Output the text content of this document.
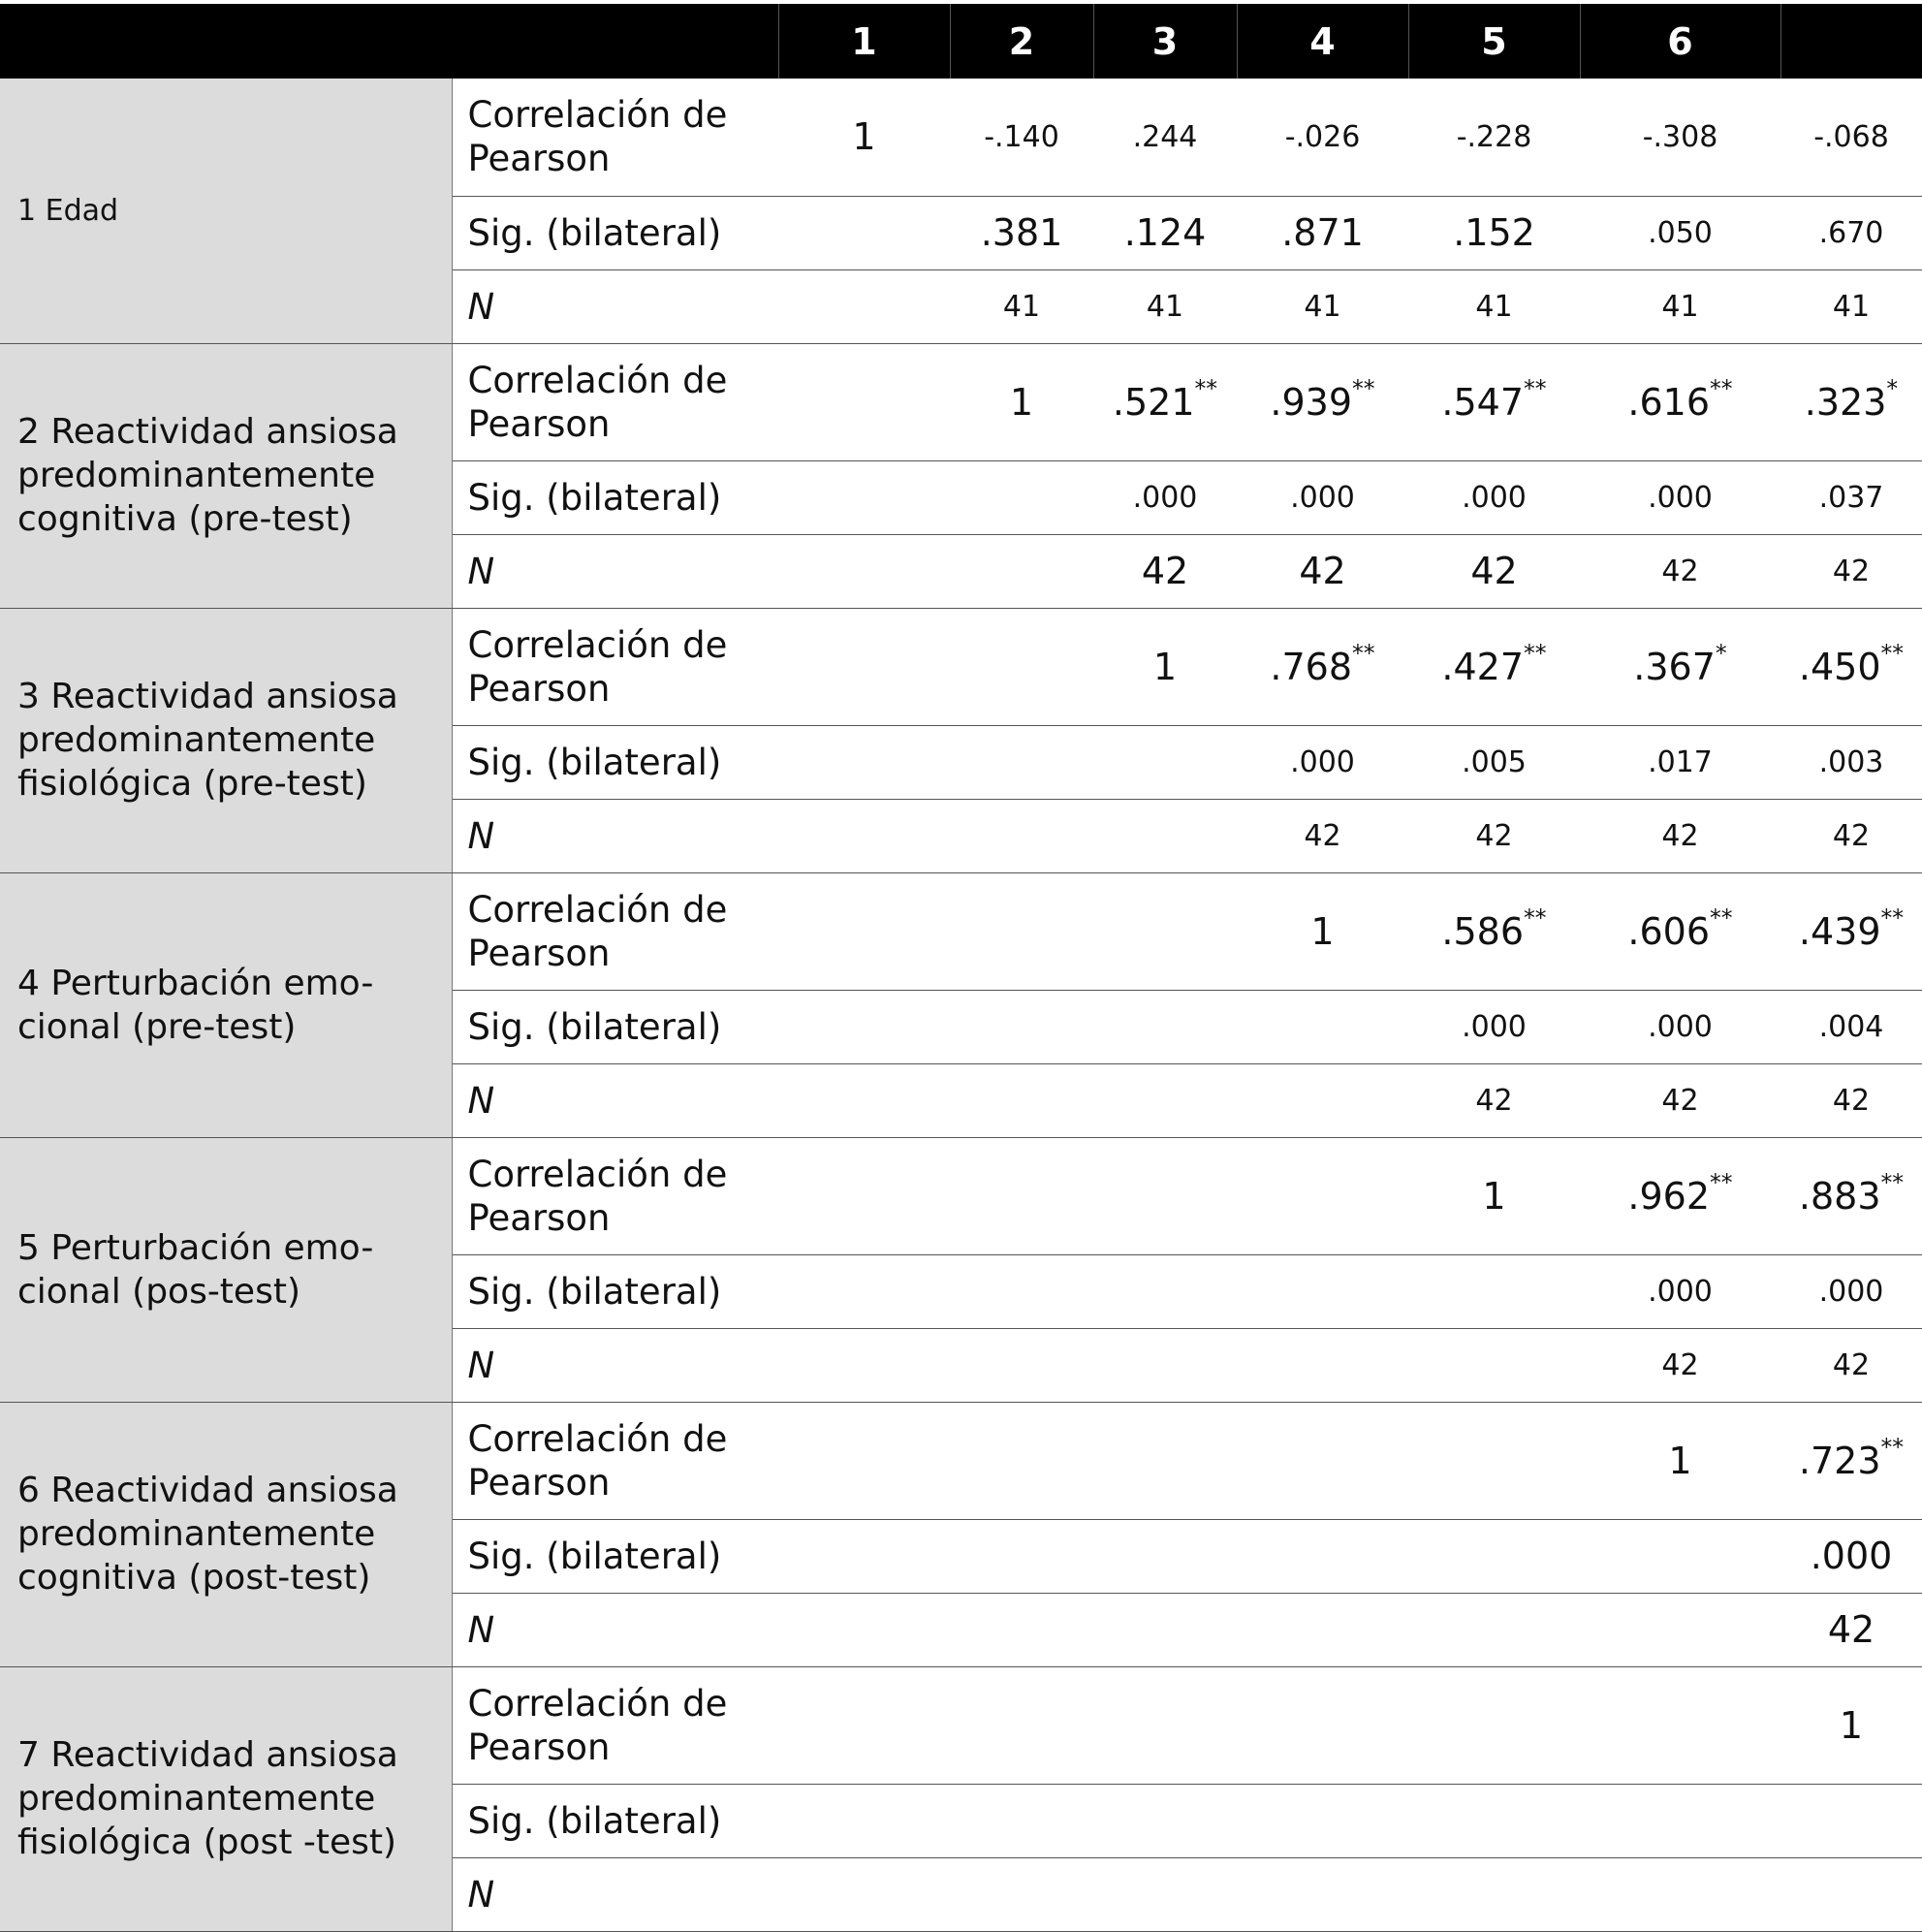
		1	2	3	4	5	6	
1 Edad	Correlación de Pearson	1	-.140	.244	-.026	-.228	-.308	-.068
	Sig. (bilateral)		.381	.124	.871	.152	.050	.670
	N		41	41	41	41	41	41
2 Reactividad ansiosa predominantemente cognitiva (pre-test)	Correlación de Pearson		1	.521**	.939**	.547**	.616**	.323*
	Sig. (bilateral)			.000	.000	.000	.000	.037
	N			42	42	42	42	42
3 Reactividad ansiosa predominantemente fisiológica (pre-test)	Correlación de Pearson			1	.768**	.427**	.367*	.450**
	Sig. (bilateral)				.000	.005	.017	.003
	N				42	42	42	42
4 Perturbación emo-cional (pre-test)	Correlación de Pearson				1	.586**	.606**	.439**
	Sig. (bilateral)					.000	.000	.004
	N					42	42	42
5 Perturbación emo-cional (pos-test)	Correlación de Pearson					1	.962**	.883**
	Sig. (bilateral)						.000	.000
	N						42	42
6 Reactividad ansiosa predominantemente cognitiva (post-test)	Correlación de Pearson						1	.723**
	Sig. (bilateral)							.000
	N							42
7 Reactividad ansiosa predominantemente fisiológica (post -test)	Correlación de Pearson							1
	Sig. (bilateral)							
	N							
